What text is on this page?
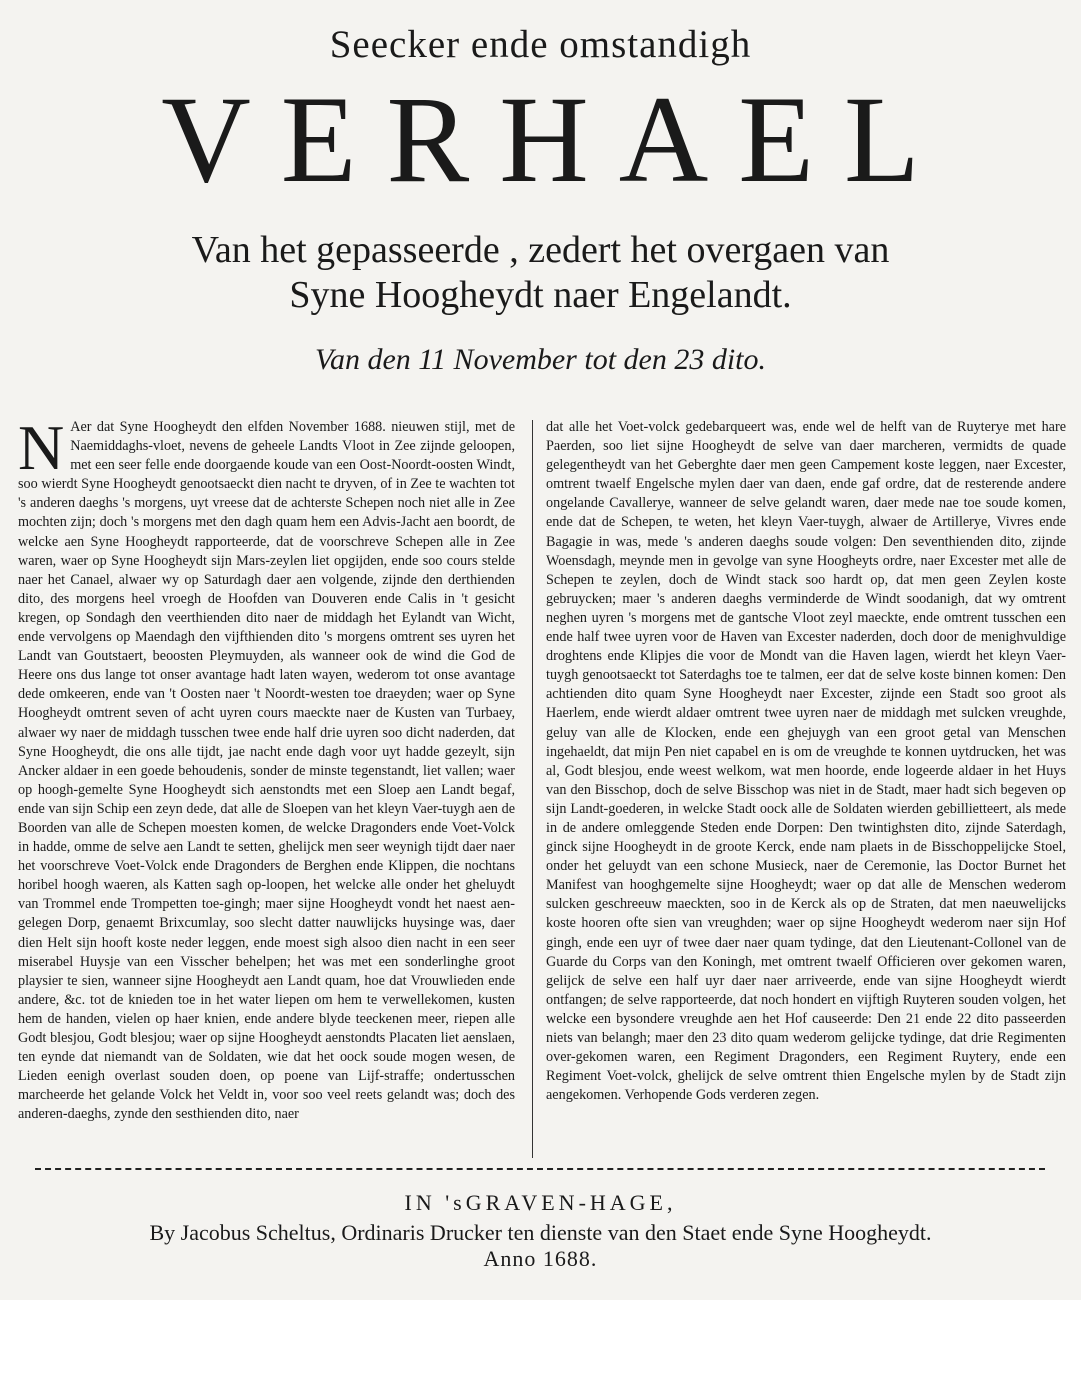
Seecker ende omstandigh
VERHAEL
Van het gepasseerde , zedert het overgaen van
Syne Hoogheydt naer Engelandt.
Van den 11 November tot den 23 dito.

N Aer dat Syne Hoogheydt den elfden November 1688. nieuwen stijl, met de Naemiddaghs-vloet, nevens de geheele Landts Vloot in Zee zijnde geloopen, met een seer felle ende doorgaende koude van een Oost-Noordt-oosten Windt, soo wierdt Syne Hoogheydt genootsaeckt dien nacht te dryven, of in Zee te wachten tot 's anderen daeghs 's morgens, uyt vreese dat de achterste Schepen noch niet alle in Zee mochten zijn; doch 's morgens met den dagh quam hem een Advis-Jacht aen boordt, de welcke aen Syne Hoogheydt rapporteerde, dat de voorschreve Schepen alle in Zee waren, waer op Syne Hoogheydt sijn Mars-zeylen liet opgijden, ende soo cours stelde naer het Canael, alwaer wy op Saturdagh daer aen volgende, zijnde den derthienden dito, des morgens heel vroegh de Hoofden van Douveren ende Calis in 't gesicht kregen, op Sondagh den veerthienden dito naer de middagh het Eylandt van Wicht, ende vervolgens op Maendagh den vijfthienden dito 's morgens omtrent ses uyren het Landt van Goutstaert, beoosten Pleymuyden, als wanneer ook de wind die God de Heere ons dus lange tot onser avantage hadt laten wayen, wederom tot onse avantage dede omkeeren, ende van 't Oosten naer 't Noordt-westen toe draeyden; waer op Syne Hoogheydt omtrent seven of acht uyren cours maeckte naer de Kusten van Turbaey, alwaer wy naer de middagh tusschen twee ende half drie uyren soo dicht naderden, dat Syne Hoogheydt, die ons alle tijdt, jae nacht ende dagh voor uyt hadde gezeylt, sijn Ancker aldaer in een goede behoudenis, sonder de minste tegenstandt, liet vallen; waer op hoogh-gemelte Syne Hoogheydt sich aenstondts met een Sloep aen Landt begaf, ende van sijn Schip een zeyn dede, dat alle de Sloepen van het kleyn Vaer-tuygh aen de Boorden van alle de Schepen moesten komen, de welcke Dragonders ende Voet-Volck in hadde, omme de selve aen Landt te setten, ghelijck men seer weynigh tijdt daer naer het voorschreve Voet-Volck ende Dragonders de Berghen ende Klippen, die nochtans horibel hoogh waeren, als Katten sagh op-loopen, het welcke alle onder het gheluydt van Trommel ende Trompetten toe-gingh; maer sijne Hoogheydt vondt het naest aen-gelegen Dorp, genaemt Brixcumlay, soo slecht datter nauwlijcks huysinge was, daer dien Helt sijn hooft koste neder leggen, ende moest sigh alsoo dien nacht in een seer miserabel Huysje van een Visscher behelpen; het was met een sonderlinghe groot playsier te sien, wanneer sijne Hoogheydt aen Landt quam, hoe dat Vrouwlieden ende andere, &c. tot de knieden toe in het water liepen om hem te verwellekomen, kusten hem de handen, vielen op haer knien, ende andere blyde teeckenen meer, riepen alle Godt blesjou, Godt blesjou; waer op sijne Hoogheydt aenstondts Placaten liet aenslaen, ten eynde dat niemandt van de Soldaten, wie dat het oock soude mogen wesen, de Lieden eenigh overlast souden doen, op poene van Lijf-straffe; ondertusschen marcheerde het gelande Volck het Veldt in, voor soo veel reets gelandt was; doch des anderen-daeghs, zynde den sesthienden dito, naer

dat alle het Voet-volck gedebarqueert was, ende wel de helft van de Ruyterye met hare Paerden, soo liet sijne Hoogheydt de selve van daer marcheren, vermidts de quade gelegentheydt van het Geberghte daer men geen Campement koste leggen, naer Excester, omtrent twaelf Engelsche mylen daer van daen, ende gaf ordre, dat de resterende andere ongelande Cavallerye, wanneer de selve gelandt waren, daer mede nae toe soude komen, ende dat de Schepen, te weten, het kleyn Vaer-tuygh, alwaer de Artillerye, Vivres ende Bagagie in was, mede 's anderen daeghs soude volgen: Den seventhienden dito, zijnde Woensdagh, meynde men in gevolge van syne Hoogheyts ordre, naer Excester met alle de Schepen te zeylen, doch de Windt stack soo hardt op, dat men geen Zeylen koste gebruycken; maer 's anderen daeghs verminderde de Windt soodanigh, dat wy omtrent neghen uyren 's morgens met de gantsche Vloot zeyl maeckte, ende omtrent tusschen een ende half twee uyren voor de Haven van Excester naderden, doch door de menighvuldige droghtens ende Klipjes die voor de Mondt van die Haven lagen, wierdt het kleyn Vaer-tuygh genootsaeckt tot Saterdaghs toe te talmen, eer dat de selve koste binnen komen: Den achtienden dito quam Syne Hoogheydt naer Excester, zijnde een Stadt soo groot als Haerlem, ende wierdt aldaer omtrent twee uyren naer de middagh met sulcken vreughde, geluy van alle de Klocken, ende een ghejuygh van een groot getal van Menschen ingehaeldt, dat mijn Pen niet capabel en is om de vreughde te konnen uytdrucken, het was al, Godt blesjou, ende weest welkom, wat men hoorde, ende logeerde aldaer in het Huys van den Bisschop, doch de selve Bisschop was niet in de Stadt, maer hadt sich begeven op sijn Landt-goederen, in welcke Stadt oock alle de Soldaten wierden gebillietteert, als mede in de andere omleggende Steden ende Dorpen: Den twintighsten dito, zijnde Saterdagh, ginck sijne Hoogheydt in de groote Kerck, ende nam plaets in de Bisschoppelijcke Stoel, onder het geluydt van een schone Musieck, naer de Ceremonie, las Doctor Burnet het Manifest van hooghgemelte sijne Hoogheydt; waer op dat alle de Menschen wederom sulcken geschreeuw maeckten, soo in de Kerck als op de Straten, dat men naeuwelijcks koste hooren ofte sien van vreughden; waer op sijne Hoogheydt wederom naer sijn Hof gingh, ende een uyr of twee daer naer quam tydinge, dat den Lieutenant-Collonel van de Guarde du Corps van den Koningh, met omtrent twaelf Officieren over gekomen waren, gelijck de selve een half uyr daer naer arriveerde, ende van sijne Hoogheydt wierdt ontfangen; de selve rapporteerde, dat noch hondert en vijftigh Ruyteren souden volgen, het welcke een bysondere vreughde aen het Hof causeerde: Den 21 ende 22 dito passeerden niets van belangh; maer den 23 dito quam wederom gelijcke tydinge, dat drie Regimenten over-gekomen waren, een Regiment Dragonders, een Regiment Ruytery, ende een Regiment Voet-volck, ghelijck de selve omtrent thien Engelsche mylen by de Stadt zijn aengekomen. Verhopende Gods verderen zegen.

IN 'sGRAVEN-HAGE,
By Jacobus Scheltus, Ordinaris Drucker ten dienste van den Staet ende Syne Hoogheydt.
Anno 1688.
